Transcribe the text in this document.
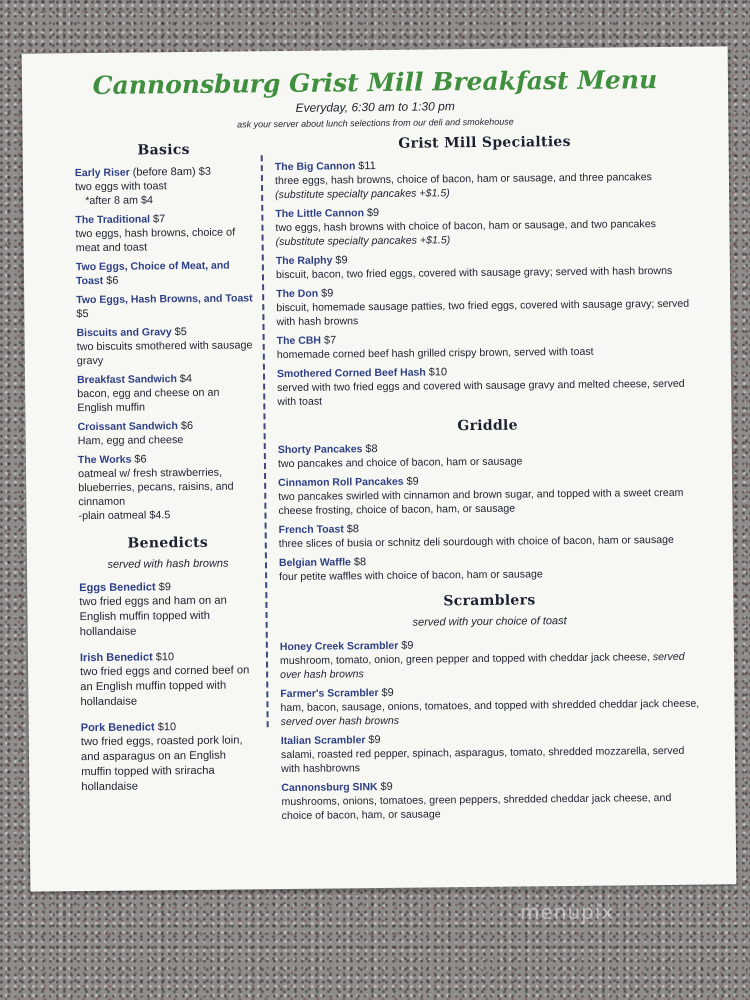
Cannonsburg Grist Mill Breakfast Menu
Everyday, 6:30 am to 1:30 pm
ask your server about lunch selections from our deli and smokehouse
Basics
Early Riser (before 8am) $3
two eggs with toast
*after 8 am $4
The Traditional $7
two eggs, hash browns, choice of meat and toast
Two Eggs, Choice of Meat, and Toast $6
Two Eggs, Hash Browns, and Toast $5
Biscuits and Gravy $5
two biscuits smothered with sausage gravy
Breakfast Sandwich $4
bacon, egg and cheese on an English muffin
Croissant Sandwich $6
Ham, egg and cheese
The Works $6
oatmeal w/ fresh strawberries, blueberries, pecans, raisins, and cinnamon
-plain oatmeal $4.5
Benedicts
served with hash browns
Eggs Benedict $9
two fried eggs and ham on an English muffin topped with hollandaise
Irish Benedict $10
two fried eggs and corned beef on an English muffin topped with hollandaise
Pork Benedict $10
two fried eggs, roasted pork loin, and asparagus on an English muffin topped with sriracha hollandaise
Grist Mill Specialties
The Big Cannon $11
three eggs, hash browns, choice of bacon, ham or sausage, and three pancakes (substitute specialty pancakes +$1.5)
The Little Cannon $9
two eggs, hash browns with choice of bacon, ham or sausage, and two pancakes (substitute specialty pancakes +$1.5)
The Ralphy $9
biscuit, bacon, two fried eggs, covered with sausage gravy; served with hash browns
The Don $9
biscuit, homemade sausage patties, two fried eggs, covered with sausage gravy; served with hash browns
The CBH $7
homemade corned beef hash grilled crispy brown, served with toast
Smothered Corned Beef Hash $10
served with two fried eggs and covered with sausage gravy and melted cheese, served with toast
Griddle
Shorty Pancakes $8
two pancakes and choice of bacon, ham or sausage
Cinnamon Roll Pancakes $9
two pancakes swirled with cinnamon and brown sugar, and topped with a sweet cream cheese frosting, choice of bacon, ham, or sausage
French Toast $8
three slices of busia or schnitz deli sourdough with choice of bacon, ham or sausage
Belgian Waffle $8
four petite waffles with choice of bacon, ham or sausage
Scramblers
served with your choice of toast
Honey Creek Scrambler $9
mushroom, tomato, onion, green pepper and topped with cheddar jack cheese, served over hash browns
Farmer's Scrambler $9
ham, bacon, sausage, onions, tomatoes, and topped with shredded cheddar jack cheese, served over hash browns
Italian Scrambler $9
salami, roasted red pepper, spinach, asparagus, tomato, shredded mozzarella, served with hashbrowns
Cannonsburg SINK $9
mushrooms, onions, tomatoes, green peppers, shredded cheddar jack cheese, and choice of bacon, ham, or sausage
menupix
